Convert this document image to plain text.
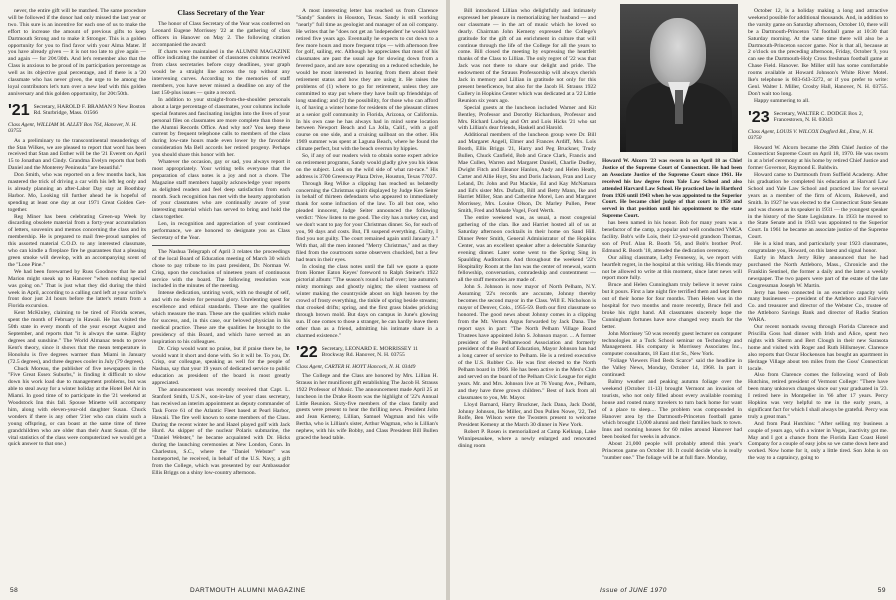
never, the entire gift will be matched. The same procedure will be followed if the donor had only missed the last year or two. This sure is an incentive for each one of us to make the effort to increase the amount of previous gifts to keep Dartmouth Strong and to make it Stronger. This is a golden opportunity for you to find favor with your Alma Mater. If you have already given — it is not too late to give again — and again — for 20¢/30th. And let's remember also that the Class is anxious to be proud of its participation percentage as well as its objective goal percentage, and if there is a '20 classmate who has never given, the urge to be among the loyal contributors let's turn over a new leaf with this golden anniversary and this golden opportunity, for 20¢/50th.

'21 Secretary, HAROLD F. BRAMAN 9 New Boston Rd. Sturbridge, Mass. 01566
Class Agent, WILLIAM M. ALLEY Box 764, Hanover, N. H. 03755

As a preliminary to the transcontinental meanderings of the Stan Wilkes, we are pleased to report that word has been received that Stan and Esther will be the '21 Everett on April 15 to Jonathan and Cindy. Grandma Evelyn reports that both Daniel and the Monterey Peninsula "are beautiful."

Don Smith, who was reported on a few months back, has mastered the trick of driving a car with his left leg only and is already planning an after-Labor Day stay at Boothbay Harbor. Mo, Looking till further ahead he is hopeful of spending at least one day at our 1971 Great Golden Get-together.

Reg Miner has been celebrating Green-up Week by discarding obsolete material from a forty-year accumulation of letters, souvenirs and memos concerning the class and its membership. He is prepared to mail free-proud samples of this assorted material C.O.D. to any interested classmate, who can kindle a fireplace fire he guarantees that a pleasing green smoke will develop, with an accompanying scent of the "Lone Pine."

We had been forewarned by Russ Goodnow that he and Marion might sneak up to Hanover "when nothing special was going on." That is just what they did during the third week in April, according to a calling card left at your scribe's front door just 24 hours before the latter's return from a Florida excursion.

Kent McKinley, claiming to be tired of Florida scenes, spent the month of February in Hawaii. He has visited the 50th state in every month of the year except August and September, and reports that "it is always the same. Eighty degrees and sunshine." The World Almanac tends to prove Kent's theory, since it shows that the mean temperature in Honolulu is five degrees warmer than Miami in January (72.5 degrees), and three degrees cooler in July (79 degrees).

Chuck Moreau, the publisher of five newspapers in the "Five Great Essex Suburbs," is finding it difficult to slow down his work load due to management problems, but was able to steal away for a winter holiday at the Hotel Bel Air in Miami. In good time of to participate in the '21 weekend at Woodstock Inn this fall. Spouse Minette will accompany him, along with eleven-year-old daughter Susan. Chuck wonders if there is any other '21er who can claim such a young offspring, or can boast at the same time of three grandchildren who are older than their Aunt Susan. (If the vital statistics of the class were computerized we would get a quick answer to that one.)

Class Secretary of the Year

The honor of Class Secretary of the Year was conferred on Leonard Eugene Morrissey '22 at the gathering of class officers in Hanover on May 2. The following citation accompanied the award:

If charts were maintained in the ALUMNI MAGAZINE office indicating the number of classnotes columns received from class secretaries before copy deadlines, your graph would be a straight line across the top without any intervening curves. According to the memories of staff members, you have never missed a deadline on any of the last 150-plus issues — quite a record.

In addition to your straight-from-the-shoulder personals about a large percentage of classmates, your columns include special features and fascinating insights into the lives of your personal files on classmates are more complete than those in the Alumni Records Office. And why not? You keep these current by frequent telephone calls to members of the class during low-rate hours made even lower by the favorable consideration Ma Bell accords her retired progeny. Perhaps you should share this honor with her.

Whatever the occasion, gay or sad, you always report it most appropriately. Your writing tells everyone that the preparation of class notes is a joy and not a chore. The Magazine staff members happily acknowledge your reports as delighted readers and feel deep satisfaction from each month. Such recognition has met with the hearty approbation of your classmates who are continually aware of your interesting material which has served to bring and hold the class together.

Len, in recognition and appreciation of your continued performance, we are honored to designate you as Class Secretary of the Year.

The Nashua Telegraph of April 3 relates the proceedings of the local Board of Education meeting of March 30 which chose to pay tribute to its past president, Dr. Norman W. Crisp, upon the conclusion of nineteen years of continuous service with the board. The following resolution was included in the minutes of the meeting.

Intense dedication, untiring work, with no thought of self, and with no desire for personal glory. Unrelenting quest for excellence and ethical standards. These are the qualities which measure the man. These are the qualities which make for success, and, in this case, our beloved physician in his medical practice. These are the qualities he brought to the presidency of this Board, and which have served as an inspiration to his colleagues.

Dr. Crisp would want no praise, but if praise there be, he would want it short and done with. So it will be. To you, Dr. Crisp, our colleague, speaking as well for the people of Nashua, say that your 19 years of dedicated service to public education as president of the board is most greatly appreciated.

The announcement was recently received that Capt. L. Stanford Smith, U.S.N., son-in-law of your class secretary, has received an interim appointment as deputy commander of Task Force 61 of the Atlantic Fleet based at Pearl Harbor, Hawaii. The fire well known to some members of the Class. During the recent winter he and Hazel played golf with Jack Hurd. As skipper of the nuclear Polaris submarine, the "Daniel Webster," he became acquainted with Dr. Hicks during the launching ceremonies at New London, Conn. In Charleston, S.C., where the "Daniel Webster" was homeported, he received, in behalf of the U.S. Navy, a gift from the College, which was presented by our Ambassador Ellis Briggs on a shiny low-country afternoon.

A most interesting letter has reached us from Clarence "Sandy" Sanders in Houston, Texas. Sandy is still working "nearly" full time as geologist and manager of an oil company. He writes that he "does not get an 'independent' he would have retired five years ago. Eventually he expects to cut down to a few more hours and more frequent trips — with afternoon free for golf, sailing, etc. Although he appreciates that most of his classmates are past the usual age for slowing down from a fevered pace, and are now operating on a reduced schedule, he would be most interested in hearing from them about their retirement status and how they are using it. He raises the problems of (1) where to go for retirement, unless they are committed to stay put where they have built up friendships of long standing; and (2) the possibility, for those who can afford it, of having a winter home for residents of the pleasant climes at a senior golf community in Florida, Arizona, or California. In his own case he has always had in mind some location between Newport Beach and La Jolla, Calif., with a golf course on one side, and a cruising sailboat on the other. His 1969 summer was spent at Laguna Beach, where he found the climate perfect, but with the beach overrun by hippies.

So, if any of our readers wish to obtain some expert advice on retirement programs, Sandy would gladly give you his ideas on the subject. Look on the wild side of what rat-race." His address is 3700 Greenway Plaza Drive, Houston, Texas 77027.

Through Reg Wilke a clipping has reached us belatedly concerning the Christmas spirit displayed by Judge Ken Seiter in behalf of thirteen defendants who appeared to immediately thank for some infraction of the law. To all but one, who pleaded innocent, Judge Seiter announced the following verdict: "Now listen to me good. The city has a turkey cut, and we don't want to pay for your Christmas dinner. So, for each of you, 90 days and costs. But, I'll suspend everything. Guilty, I find you not guilty. The court remained again until January 3." With that, all the men intoned "Merry Christmas," and as they filed from the courtroom some observers chuckled, but a few had tears in their eyes.

In closing the class notes until the fall we quote a quote from Homer Eaton Keyes' foreword to Ralph Steiner's 1922 pictorial album: "The season's round is half over; late autumn's misty mornings and ghostly nights; the silent vastness of winter making the countryside about on high heaven by the crowd of frosty everything, the tinkle of spring beside streams; that crooked drifts; spring, and the first grass blades pricking through brown mold. But days on campus in June's glowing sun. If one comes to those a stranger, he can hardly leave them other than as a friend, admitting his intimate share in a charmed existence."

'22 Secretary, LEONARD E. MORRISSEY 11 Brockway Rd. Hanover, N. H. 03755
Class Agent, CARTER H. HOYT Hancock, N. H. 03449

The College and the Class are honored by Mrs. Lillian H. Strauss in her munificent gift establishing The Jacob H. Strauss 1922 Professor of Music. The announcement made April 25 at luncheon in the Drake Room was the highlight of '22's Annual Little Reunion. Sixty-five members of the class family and guests were present to hear the thrilling news. President John and Jean Kemeny, Lillian, Samuel Wagman and his wife Bertha, who is Lillian's sister, Arthur Wagman, who is Lillian's nephew, with his wife Bobby, and Class President Bill Bullen graced the head table.

58	DARTMOUTH ALUMNI MAGAZINE

Bill introduced Lillian who delightfully and intimately expressed her pleasure in memorializing her husband — and our classmate — in the art of music which he loved so dearly. Chairman John Kemeny expressed the College's gratitude for the gift of an enrichment in culture that will continue through the life of the College for all the years to come. Bill closed the meeting by expressing the heartfelt thanks of the Class to Lillian. The only regret of '22 was that Jack was not there to share our delight and pride. The endowment of the Strauss Professorship will always cherish Jack in memory and Lillian in gratitude not only for this present beneficence, but also for the Jacob H. Strauss 1922 Gallery in Hopkins Center which was dedicated at a '22 Little Reunion six years ago.

Special guests at the luncheon included Warner and Kit Bentley, Professor and Dorothy Richardson, Professor and Mrs. Richard Ludwig and Ort and Lois Hicks '21 who sat with Lillian's dear friends, Haskell and Harold.

Additional members of the luncheon group were Dr. Bill and Margaret Angell, Elmer and Frances Ardiff, Mrs. Lois Booth, Ellis Briggs '21, Harry and Peg Bruckner, Trudy Bullen, Chuck Canfield, Bob and Grace Clark, Francis and Mae Cullen, Warren and Margaret Daniell, Charlie Dudley, Dwight Fitch and Eleanor Hanlon, Andy and Helen Heath, Carter and Allie Hoyt, Stu and Doris Jackson, Fran and Lucy Leland, Dr. John and Pat Mackie, Ed and Kay McNamara and Ed's sister Mrs. Dufault, Bill and Betty Mann, Ike and Harriet Miller, Stan and Catherine Morel, Len and Margaret Morrissey, Mrs. Louise Olson, Dr. Marley Pullen, Peter Smith, Fred and Maude Vogel, Ford Werth.

The entire weekend was, as usual, a most congenial gathering of the clan. Ike and Harriet hosted all of us at Saturday afternoon cocktails in their home on Sand Hill. Dinner Peter Smith, General Administrator of the Hopkins Center, was an excellent speaker after a delectable Saturday evening dinner. Later some went to the Spring Sing in Spaulding Auditorium. And throughout the weekend '22's Hospitality Room at the Inn was the center of renewal, warm fellowship, conversation, comradeship and contentment — all the stuff memories are made of.

John S. Johnson is now mayor of North Pelham, N.Y. Assuming '22's records are accurate, Johnny thereby becomes the second mayor in the Class. Will E. Nicholson is mayor of Denver, Colo., 1955-59. Both our first classmate so honored. The good news about Johnny comes in a clipping from the Mt. Vernon Argus forwarded by Jack Dana. The report says in part: "The North Pelham Village Board Trustees have appointed John S. Johnson mayor. ... A former president of the Pelhamwood Association and formerly president of the Board of Education, Mayor Johnson has had a long career of service to Pelham. He is a retired executive of the U.S. Rubber Co. He was first elected to the North Pelham board in 1966. He has been active in the Men's Club and served on the board of the Pelham Civic League for eight years. Mr. and Mrs. Johnson live at 76 Young Ave., Pelham, and they have three grown children." Best of luck from all classmates to you, Mr. Mayor.

Lloyd Barnard, Harry Bruckner, Jack Dana, Jack Dodd, Johnny Johnson, Ike Miller, and Don Pullen Nowe, '22, Ted Rolfe, Ben Wilson were the Twosters present to welcome President Kemeny at the March 30 dinner in New York.

Robert P. Rosen is memorialized at Camp Kelknap, Lake Winnipesaukee, where a newly enlarged and renovated dining room

Howard W. Alcorn '23 was sworn in on April 18 as Chief Justice of the Supreme Court of Connecticut. He had been an Associate Justice of the Supreme Court since 1961. He received his law degree from Yale Law School and also attended Harvard Law School. He practiced law in Hartford from 1926 until 1943 when he was appointed to the Superior Court. He became chief judge of that court in 1959 and served in that position until his appointment to the state Supreme Court.

has been named in his honor. Bob for many years was a benefactor of the camp, a popular and well conducted YMCA facility. Bob's wife Lois, their 12-year-old grandson Thomas, son of Prof. Alan R. Booth '56, and Bob's brother Prof. Edmund R. Booth '18, attended the dedication ceremony.

Our ailing classmate, Lefty Fennessy, is, we report with heartfelt regret, in the hospital at this writing. His friends may not be allowed to write at this moment, since later news will report more fully.

Bruce and Helen Cunningham truly believe it never rains but it pours. First a late night fire terrified them and kept them out of their home for four months. Then Helen was in the hospital for two months and more recently, Bruce fell and broke his right hand. All classmates sincerely hope the Cunningham fortunes have now changed very much for the better.

John Morrissey '50 was recently guest lecturer on computer technologies at a Tuck School seminar on Technology and Management. His company is Morrissey Associates Inc., computer consultants, 18 East 41st St., New York.

"Foliage Viewers Find Beds Scarce" said the headline in the Valley News, Monday, October 14, 1968. In part it continued:

Balmy weather and peaking autumn foliage over the weekend (October 11-13) brought Vermont an invasion of tourists, who not only filled about every available rooming house and routed many travelers to turn back home for want of a place to sleep.... The problem was compounded in Hanover area by the Dartmouth-Princeton football game which brought 13,000 alumni and their families back to town. Inns and rooming houses for 60 miles around Hanover had been booked for weeks in advance.

About 21,000 people will probably attend this year's Princeton game on October 10. It could decide who is really "number one." The foliage will be at full flare. Monday,

October 12, is a holiday making a long and attractive weekend possible for additional thousands. And, in addition to the varsity game on Saturday afternoon, October 10, there will be a Dartmouth-Princeton '74 football game at 10:30 that Saturday morning. At the same time there will also be a Dartmouth-Princeton soccer game. Nor is that all, because at 2 o'clock on the preceding afternoon, Friday, October 9, you can see the Dartmouth-Holy Cross freshman football game at Chase Field. Hanover. Ike Miller still has some comfortable rooms available at Howard Johnson's White River Motel. Ike's telephone is 603-643-3272, or if you prefer to write: Genl. Walter I. Miller, Crosby Hall, Hanover, N. H. 03755. Don't wait too long.

Happy summering to all.

'23 Secretary, WALTER C. DODGE Box 2, Francestown, N. H. 03043
Class Agent, LOUIS V. WILCOX Dogford Rd., Etna, N. H. 03750

Howard W. Alcorn became the 28th Chief Justice of the Connecticut Supreme Court on April 18, 1970. He was sworn in at a brief ceremony at his home by retired Chief Justice and former Governor, Raymond E. Baldwin.

Howard came to Dartmouth from Suffield Academy. After his graduation he completed his education at Harvard Law School and Yale Law School and practiced law for several years as a member of the firm of Alcorn, Bakewell, and Smith. In 1927 he was elected to the Connecticut State Senate and was chosen as its speaker in 1931 — the youngest speaker in the history of the State Legislature. In 1933 he moved to the State Senate and in 1943 was appointed to the Superior Court. In 1961 he became an associate justice of the Supreme Court.

He is a kind man, and particularly your 1923 classmates, congratulate you, Howard, on this latest and signal honor.

Early in March Jerry Riley announced that he had purchased the North Attleboro, Mass., Chronicle and the Franklin Sentinel, the former a daily and the latter a weekly newspaper. The two papers were part of the estate of the late Congressman Joseph W. Martin.

Jerry has been connected in an executive capacity with many businesses — president of the Attleboro and Fairview Co. and treasurer and director of the Webster Co., trustee of the Attleboro Savings Bank and director of Radio Station WARA.

Our recent nomads swung through Florida Clarence and Priscilla Goss had dinner with Irish and Alice, spent two nights with Sherm and Bert Clough in their new Sarasota home and visited with Roger and Ruth Hillsmeyer. Clarence also reports that Oscar Hockenson has bought an apartment in Heritage Village about ten miles from the Goss' Connecticut locale.

Also from Clarence comes the following word of Bob Hutchins, retired president of Vermont College: "There have been many unknown changes since our year graduated in '23. I retired here in Montpelier in '66 after 17 years. Percy Hopkins was very helpful to me in the early years, a significant fact for which I shall always be grateful. Percy was truly a great man."

And from Paul Hutchins: "After selling my business a couple of years ago, with a winter in Vegas, inactivity got me. May and I got a chance from the Florida East Coast Hotel Company for a couple of easy jobs so we came down here and worked. Now home for it, only a little tired. Son John is on the way to a captaincy, going to

Issue of JUNE 1970	59
